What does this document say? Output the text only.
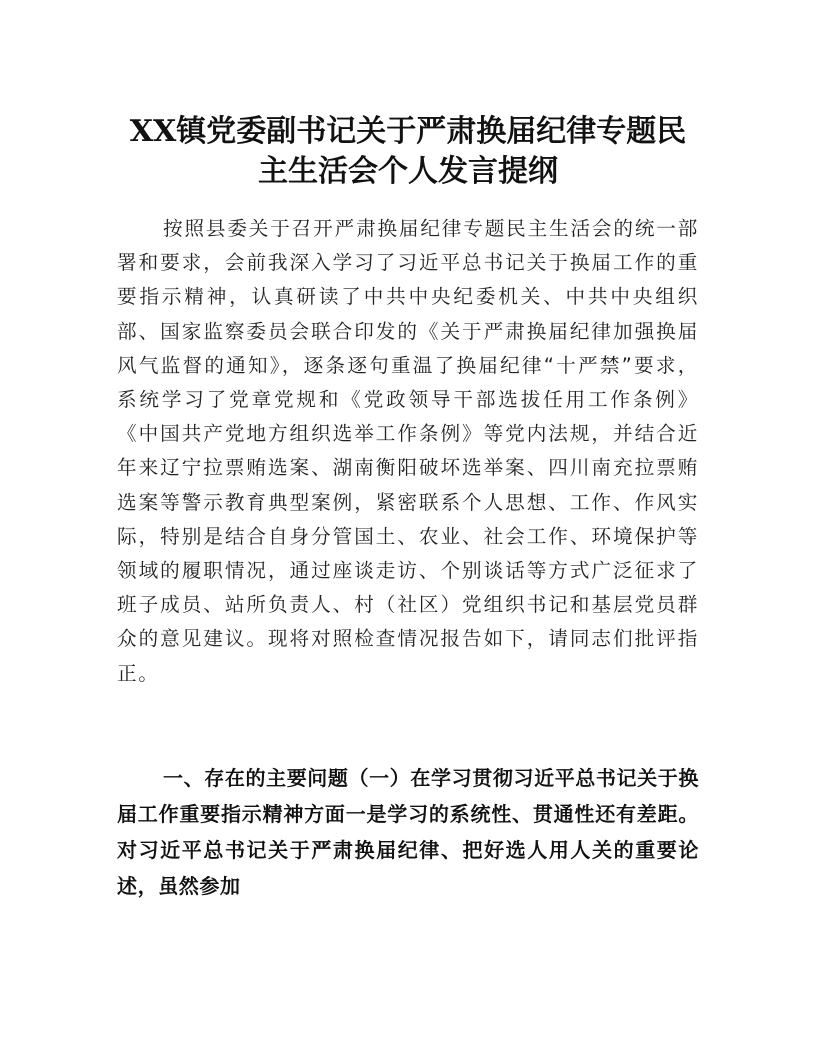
XX镇党委副书记关于严肃换届纪律专题民
主生活会个人发言提纲

按照县委关于召开严肃换届纪律专题民主生活会的统一部署和要求，会前我深入学习了习近平总书记关于换届工作的重要指示精神，认真研读了中共中央纪委机关、中共中央组织部、国家监察委员会联合印发的《关于严肃换届纪律加强换届风气监督的通知》，逐条逐句重温了换届纪律“十严禁”要求，系统学习了党章党规和《党政领导干部选拔任用工作条例》《中国共产党地方组织选举工作条例》等党内法规，并结合近年来辽宁拉票贿选案、湖南衡阳破坏选举案、四川南充拉票贿选案等警示教育典型案例，紧密联系个人思想、工作、作风实际，特别是结合自身分管国土、农业、社会工作、环境保护等领域的履职情况，通过座谈走访、个别谈话等方式广泛征求了班子成员、站所负责人、村（社区）党组织书记和基层党员群众的意见建议。现将对照检查情况报告如下，请同志们批评指正。

一、存在的主要问题（一）在学习贯彻习近平总书记关于换届工作重要指示精神方面一是学习的系统性、贯通性还有差距。对习近平总书记关于严肃换届纪律、把好选人用人关的重要论述，虽然参加
